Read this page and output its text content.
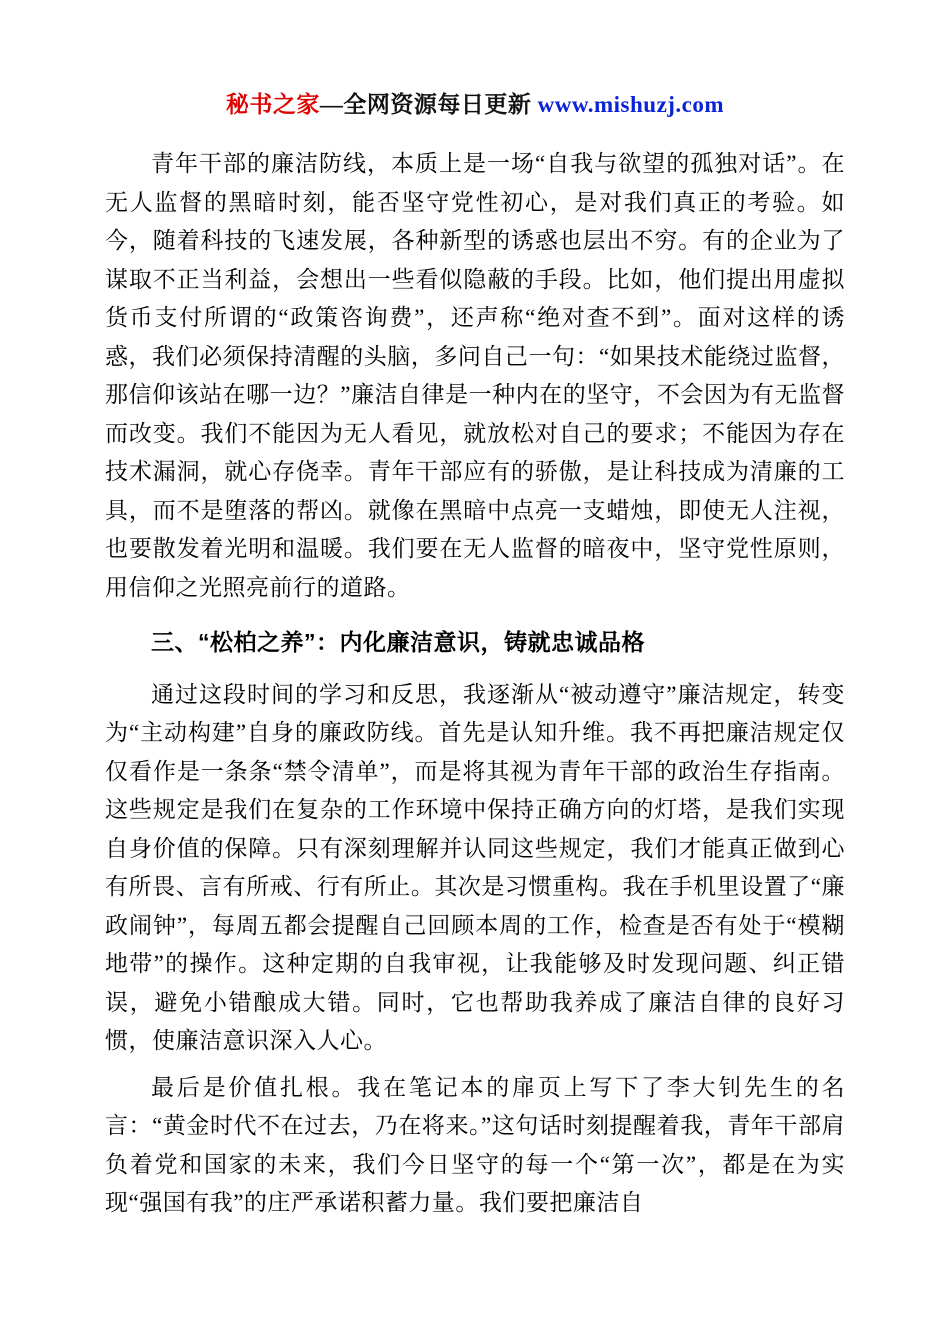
秘书之家—全网资源每日更新 www.mishuzj.com

青年干部的廉洁防线，本质上是一场“自我与欲望的孤独对话”。在无人监督的黑暗时刻，能否坚守党性初心，是对我们真正的考验。如今，随着科技的飞速发展，各种新型的诱惑也层出不穷。有的企业为了谋取不正当利益，会想出一些看似隐蔽的手段。比如，他们提出用虚拟货币支付所谓的“政策咨询费”，还声称“绝对查不到”。面对这样的诱惑，我们必须保持清醒的头脑，多问自己一句：“如果技术能绕过监督，那信仰该站在哪一边？”廉洁自律是一种内在的坚守，不会因为有无监督而改变。我们不能因为无人看见，就放松对自己的要求；不能因为存在技术漏洞，就心存侥幸。青年干部应有的骄傲，是让科技成为清廉的工具，而不是堕落的帮凶。就像在黑暗中点亮一支蜡烛，即使无人注视，也要散发着光明和温暖。我们要在无人监督的暗夜中，坚守党性原则，用信仰之光照亮前行的道路。

三、“松柏之养”：内化廉洁意识，铸就忠诚品格

通过这段时间的学习和反思，我逐渐从“被动遵守”廉洁规定，转变为“主动构建”自身的廉政防线。首先是认知升维。我不再把廉洁规定仅仅看作是一条条“禁令清单”，而是将其视为青年干部的政治生存指南。这些规定是我们在复杂的工作环境中保持正确方向的灯塔，是我们实现自身价值的保障。只有深刻理解并认同这些规定，我们才能真正做到心有所畏、言有所戒、行有所止。其次是习惯重构。我在手机里设置了“廉政闹钟”，每周五都会提醒自己回顾本周的工作，检查是否有处于“模糊地带”的操作。这种定期的自我审视，让我能够及时发现问题、纠正错误，避免小错酿成大错。同时，它也帮助我养成了廉洁自律的良好习惯，使廉洁意识深入人心。

最后是价值扎根。我在笔记本的扉页上写下了李大钊先生的名言：“黄金时代不在过去，乃在将来。”这句话时刻提醒着我，青年干部肩负着党和国家的未来，我们今日坚守的每一个“第一次”，都是在为实现“强国有我”的庄严承诺积蓄力量。我们要把廉洁自
